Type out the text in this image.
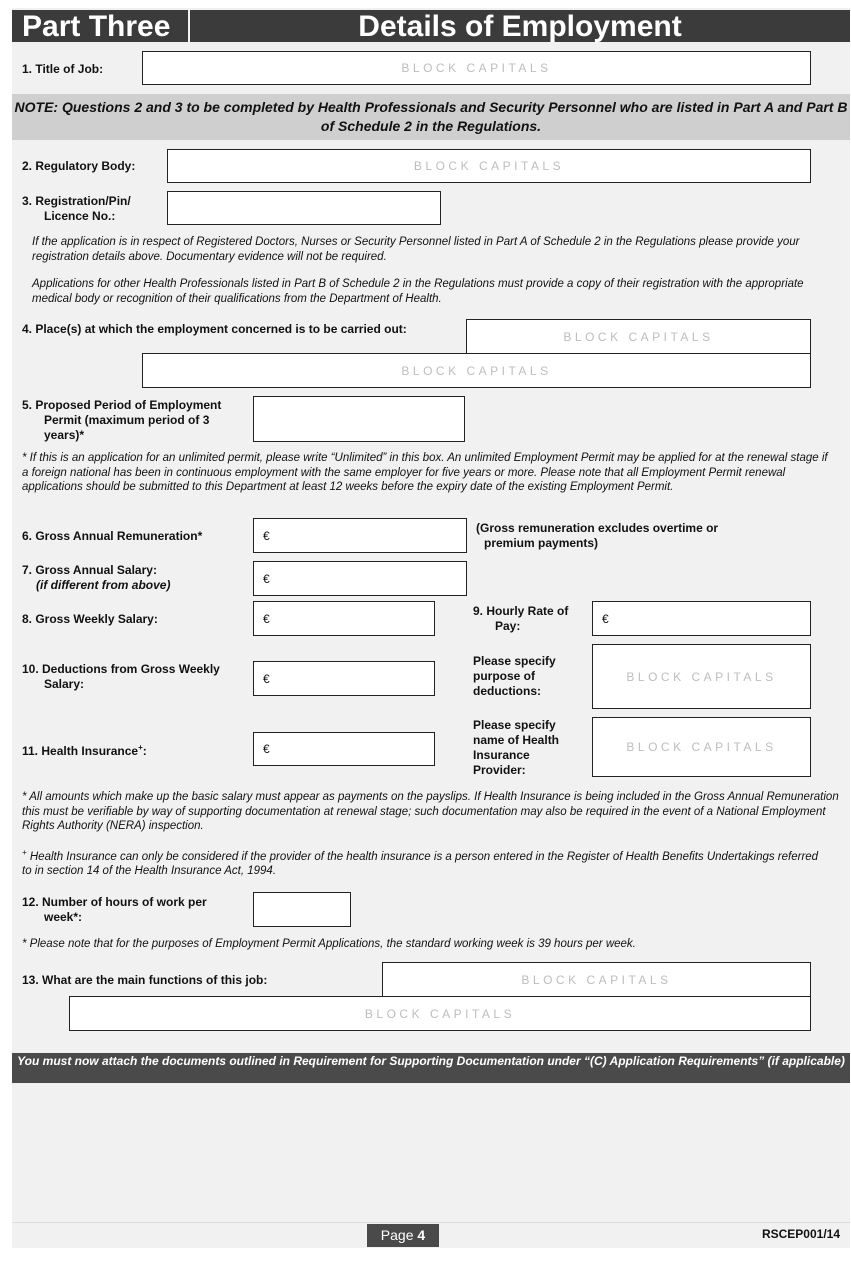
Part Three	Details of Employment
1. Title of Job:	BLOCK CAPITALS
NOTE: Questions 2 and 3 to be completed by Health Professionals and Security Personnel who are listed in Part A and Part B of Schedule 2 in the Regulations.
2. Regulatory Body:	BLOCK CAPITALS
3. Registration/Pin/
Licence No.:
If the application is in respect of Registered Doctors, Nurses or Security Personnel listed in Part A of Schedule 2 in the Regulations please provide your registration details above. Documentary evidence will not be required.
Applications for other Health Professionals listed in Part B of Schedule 2 in the Regulations must provide a copy of their registration with the appropriate medical body or recognition of their qualifications from the Department of Health.
4. Place(s) at which the employment concerned is to be carried out:
BLOCK CAPITALS
BLOCK CAPITALS
5. Proposed Period of Employment
Permit (maximum period of 3
years)*
* If this is an application for an unlimited permit, please write “Unlimited” in this box. An unlimited Employment Permit may be applied for at the renewal stage if a foreign national has been in continuous employment with the same employer for five years or more. Please note that all Employment Permit renewal applications should be submitted to this Department at least 12 weeks before the expiry date of the existing Employment Permit.
6. Gross Annual Remuneration*	€
(Gross remuneration excludes overtime or
premium payments)
7. Gross Annual Salary:
(if different from above)	€
8. Gross Weekly Salary:	€
9. Hourly Rate of
Pay:
€
10. Deductions from Gross Weekly
Salary:	€
Please specify
purpose of
deductions:
BLOCK CAPITALS
11. Health Insurance+:	€
Please specify
name of Health
Insurance
Provider:
BLOCK CAPITALS
* All amounts which make up the basic salary must appear as payments on the payslips. If Health Insurance is being included in the Gross Annual Remuneration this must be verifiable by way of supporting documentation at renewal stage; such documentation may also be required in the event of a National Employment Rights Authority (NERA) inspection.
+ Health Insurance can only be considered if the provider of the health insurance is a person entered in the Register of Health Benefits Undertakings referred to in section 14 of the Health Insurance Act, 1994.
12. Number of hours of work per
week*:
* Please note that for the purposes of Employment Permit Applications, the standard working week is 39 hours per week.
13. What are the main functions of this job:	BLOCK CAPITALS
BLOCK CAPITALS
You must now attach the documents outlined in Requirement for Supporting Documentation under “(C) Application Requirements” (if applicable)
Page 4	RSCEP001/14
